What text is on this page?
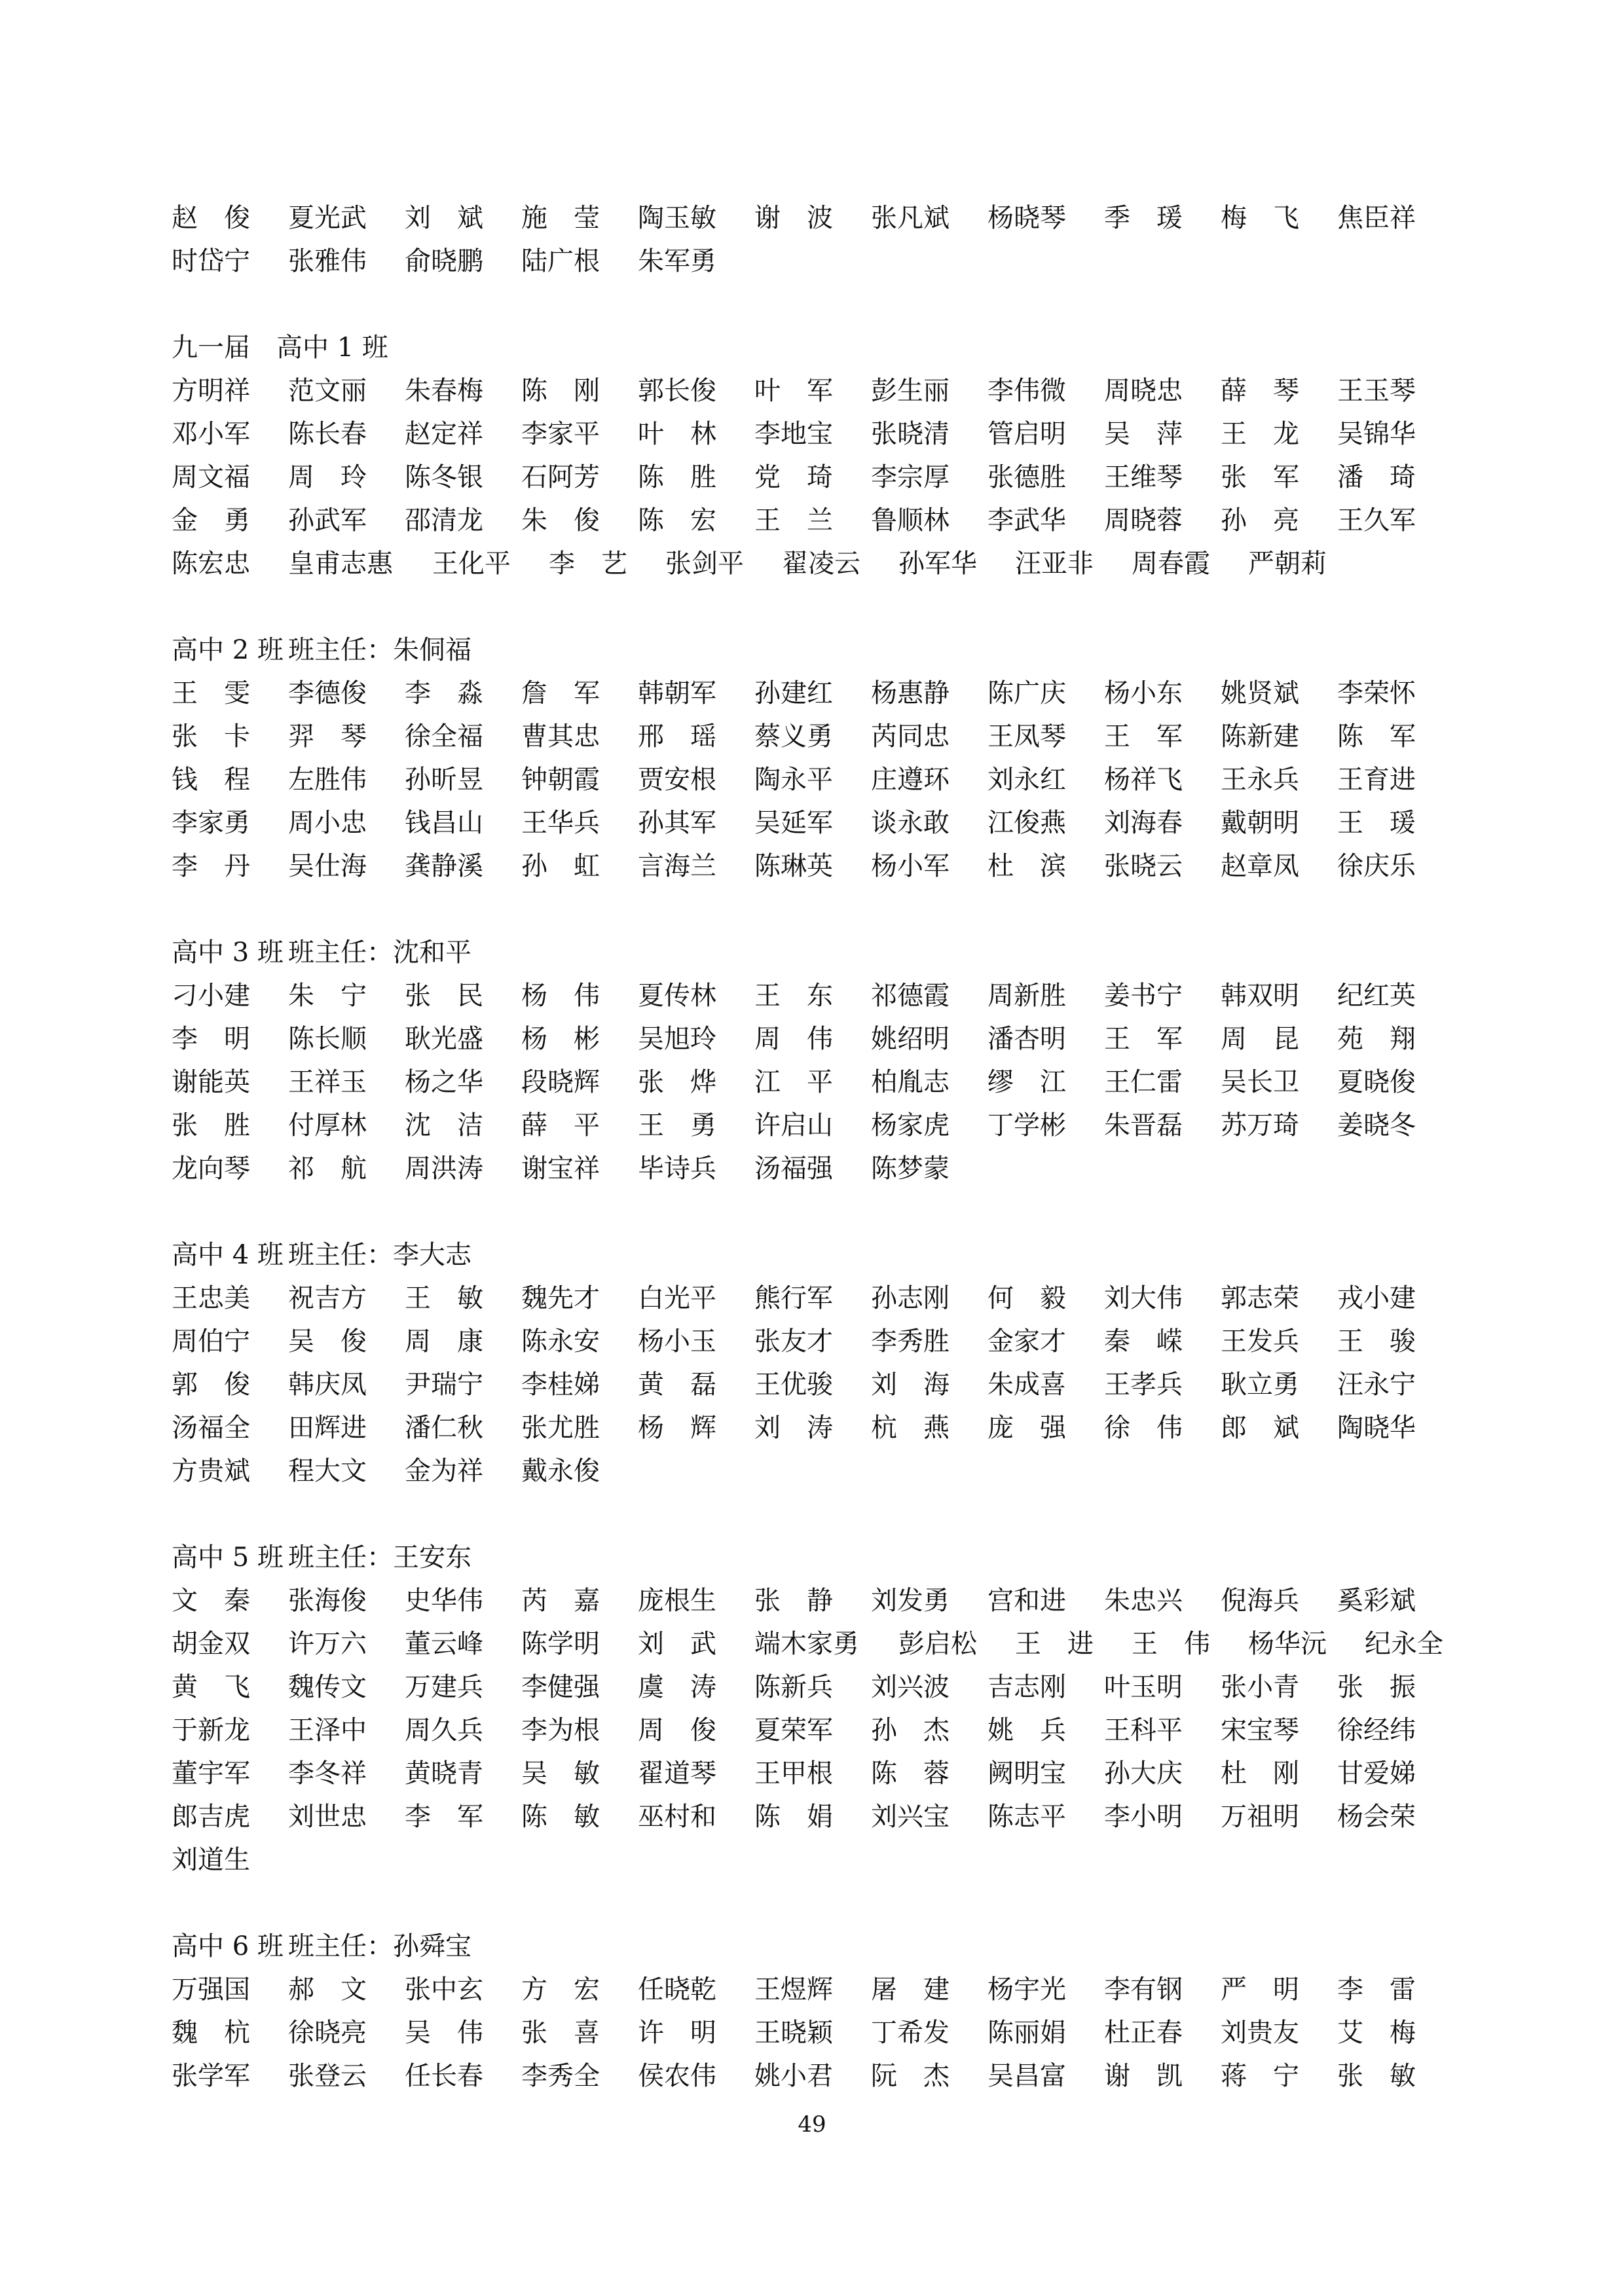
赵　俊 夏光武 刘　斌 施　莹 陶玉敏 谢　波 张凡斌 杨晓琴 季　瑗 梅　飞 焦臣祥
时岱宁 张雅伟 俞晓鹏 陆广根 朱军勇
九一届　高中 1 班
方明祥 范文丽 朱春梅 陈　刚 郭长俊 叶　军 彭生丽 李伟微 周晓忠 薛　琴 王玉琴
邓小军 陈长春 赵定祥 李家平 叶　林 李地宝 张晓清 管启明 吴　萍 王　龙 吴锦华
周文福 周　玲 陈冬银 石阿芳 陈　胜 党　琦 李宗厚 张德胜 王维琴 张　军 潘　琦
金　勇 孙武军 邵清龙 朱　俊 陈　宏 王　兰 鲁顺林 李武华 周晓蓉 孙　亮 王久军
陈宏忠 皇甫志惠 王化平 李　艺 张剑平 翟凌云 孙军华 汪亚非 周春霞 严朝莉
高中 2 班 班主任：朱侗福
王　雯 李德俊 李　淼 詹　军 韩朝军 孙建红 杨惠静 陈广庆 杨小东 姚贤斌 李荣怀
张　卡 羿　琴 徐全福 曹其忠 邢　瑶 蔡义勇 芮同忠 王凤琴 王　军 陈新建 陈　军
钱　程 左胜伟 孙昕昱 钟朝霞 贾安根 陶永平 庄遵环 刘永红 杨祥飞 王永兵 王育进
李家勇 周小忠 钱昌山 王华兵 孙其军 吴延军 谈永敢 江俊燕 刘海春 戴朝明 王　瑗
李　丹 吴仕海 龚静溪 孙　虹 言海兰 陈琳英 杨小军 杜　滨 张晓云 赵章凤 徐庆乐
高中 3 班 班主任：沈和平
刁小建 朱　宁 张　民 杨　伟 夏传林 王　东 祁德霞 周新胜 姜书宁 韩双明 纪红英
李　明 陈长顺 耿光盛 杨　彬 吴旭玲 周　伟 姚绍明 潘杏明 王　军 周　昆 苑　翔
谢能英 王祥玉 杨之华 段晓辉 张　烨 江　平 柏胤志 缪　江 王仁雷 吴长卫 夏晓俊
张　胜 付厚林 沈　洁 薛　平 王　勇 许启山 杨家虎 丁学彬 朱晋磊 苏万琦 姜晓冬
龙向琴 祁　航 周洪涛 谢宝祥 毕诗兵 汤福强 陈梦蒙
高中 4 班 班主任：李大志
王忠美 祝吉方 王　敏 魏先才 白光平 熊行军 孙志刚 何　毅 刘大伟 郭志荣 戎小建
周伯宁 吴　俊 周　康 陈永安 杨小玉 张友才 李秀胜 金家才 秦　嵘 王发兵 王　骏
郭　俊 韩庆凤 尹瑞宁 李桂娣 黄　磊 王优骏 刘　海 朱成喜 王孝兵 耿立勇 汪永宁
汤福全 田辉进 潘仁秋 张尤胜 杨　辉 刘　涛 杭　燕 庞　强 徐　伟 郎　斌 陶晓华
方贵斌 程大文 金为祥 戴永俊
高中 5 班 班主任：王安东
文　秦 张海俊 史华伟 芮　嘉 庞根生 张　静 刘发勇 宫和进 朱忠兴 倪海兵 奚彩斌
胡金双 许万六 董云峰 陈学明 刘　武 端木家勇 彭启松 王　进 王　伟 杨华沅 纪永全
黄　飞 魏传文 万建兵 李健强 虞　涛 陈新兵 刘兴波 吉志刚 叶玉明 张小青 张　振
于新龙 王泽中 周久兵 李为根 周　俊 夏荣军 孙　杰 姚　兵 王科平 宋宝琴 徐经纬
董宇军 李冬祥 黄晓青 吴　敏 翟道琴 王甲根 陈　蓉 阙明宝 孙大庆 杜　刚 甘爱娣
郎吉虎 刘世忠 李　军 陈　敏 巫村和 陈　娟 刘兴宝 陈志平 李小明 万祖明 杨会荣
刘道生
高中 6 班 班主任：孙舜宝
万强国 郝　文 张中玄 方　宏 任晓乾 王煜辉 屠　建 杨宇光 李有钢 严　明 李　雷
魏　杭 徐晓亮 吴　伟 张　喜 许　明 王晓颖 丁希发 陈丽娟 杜正春 刘贵友 艾　梅
张学军 张登云 任长春 李秀全 侯农伟 姚小君 阮　杰 吴昌富 谢　凯 蒋　宁 张　敏
49
